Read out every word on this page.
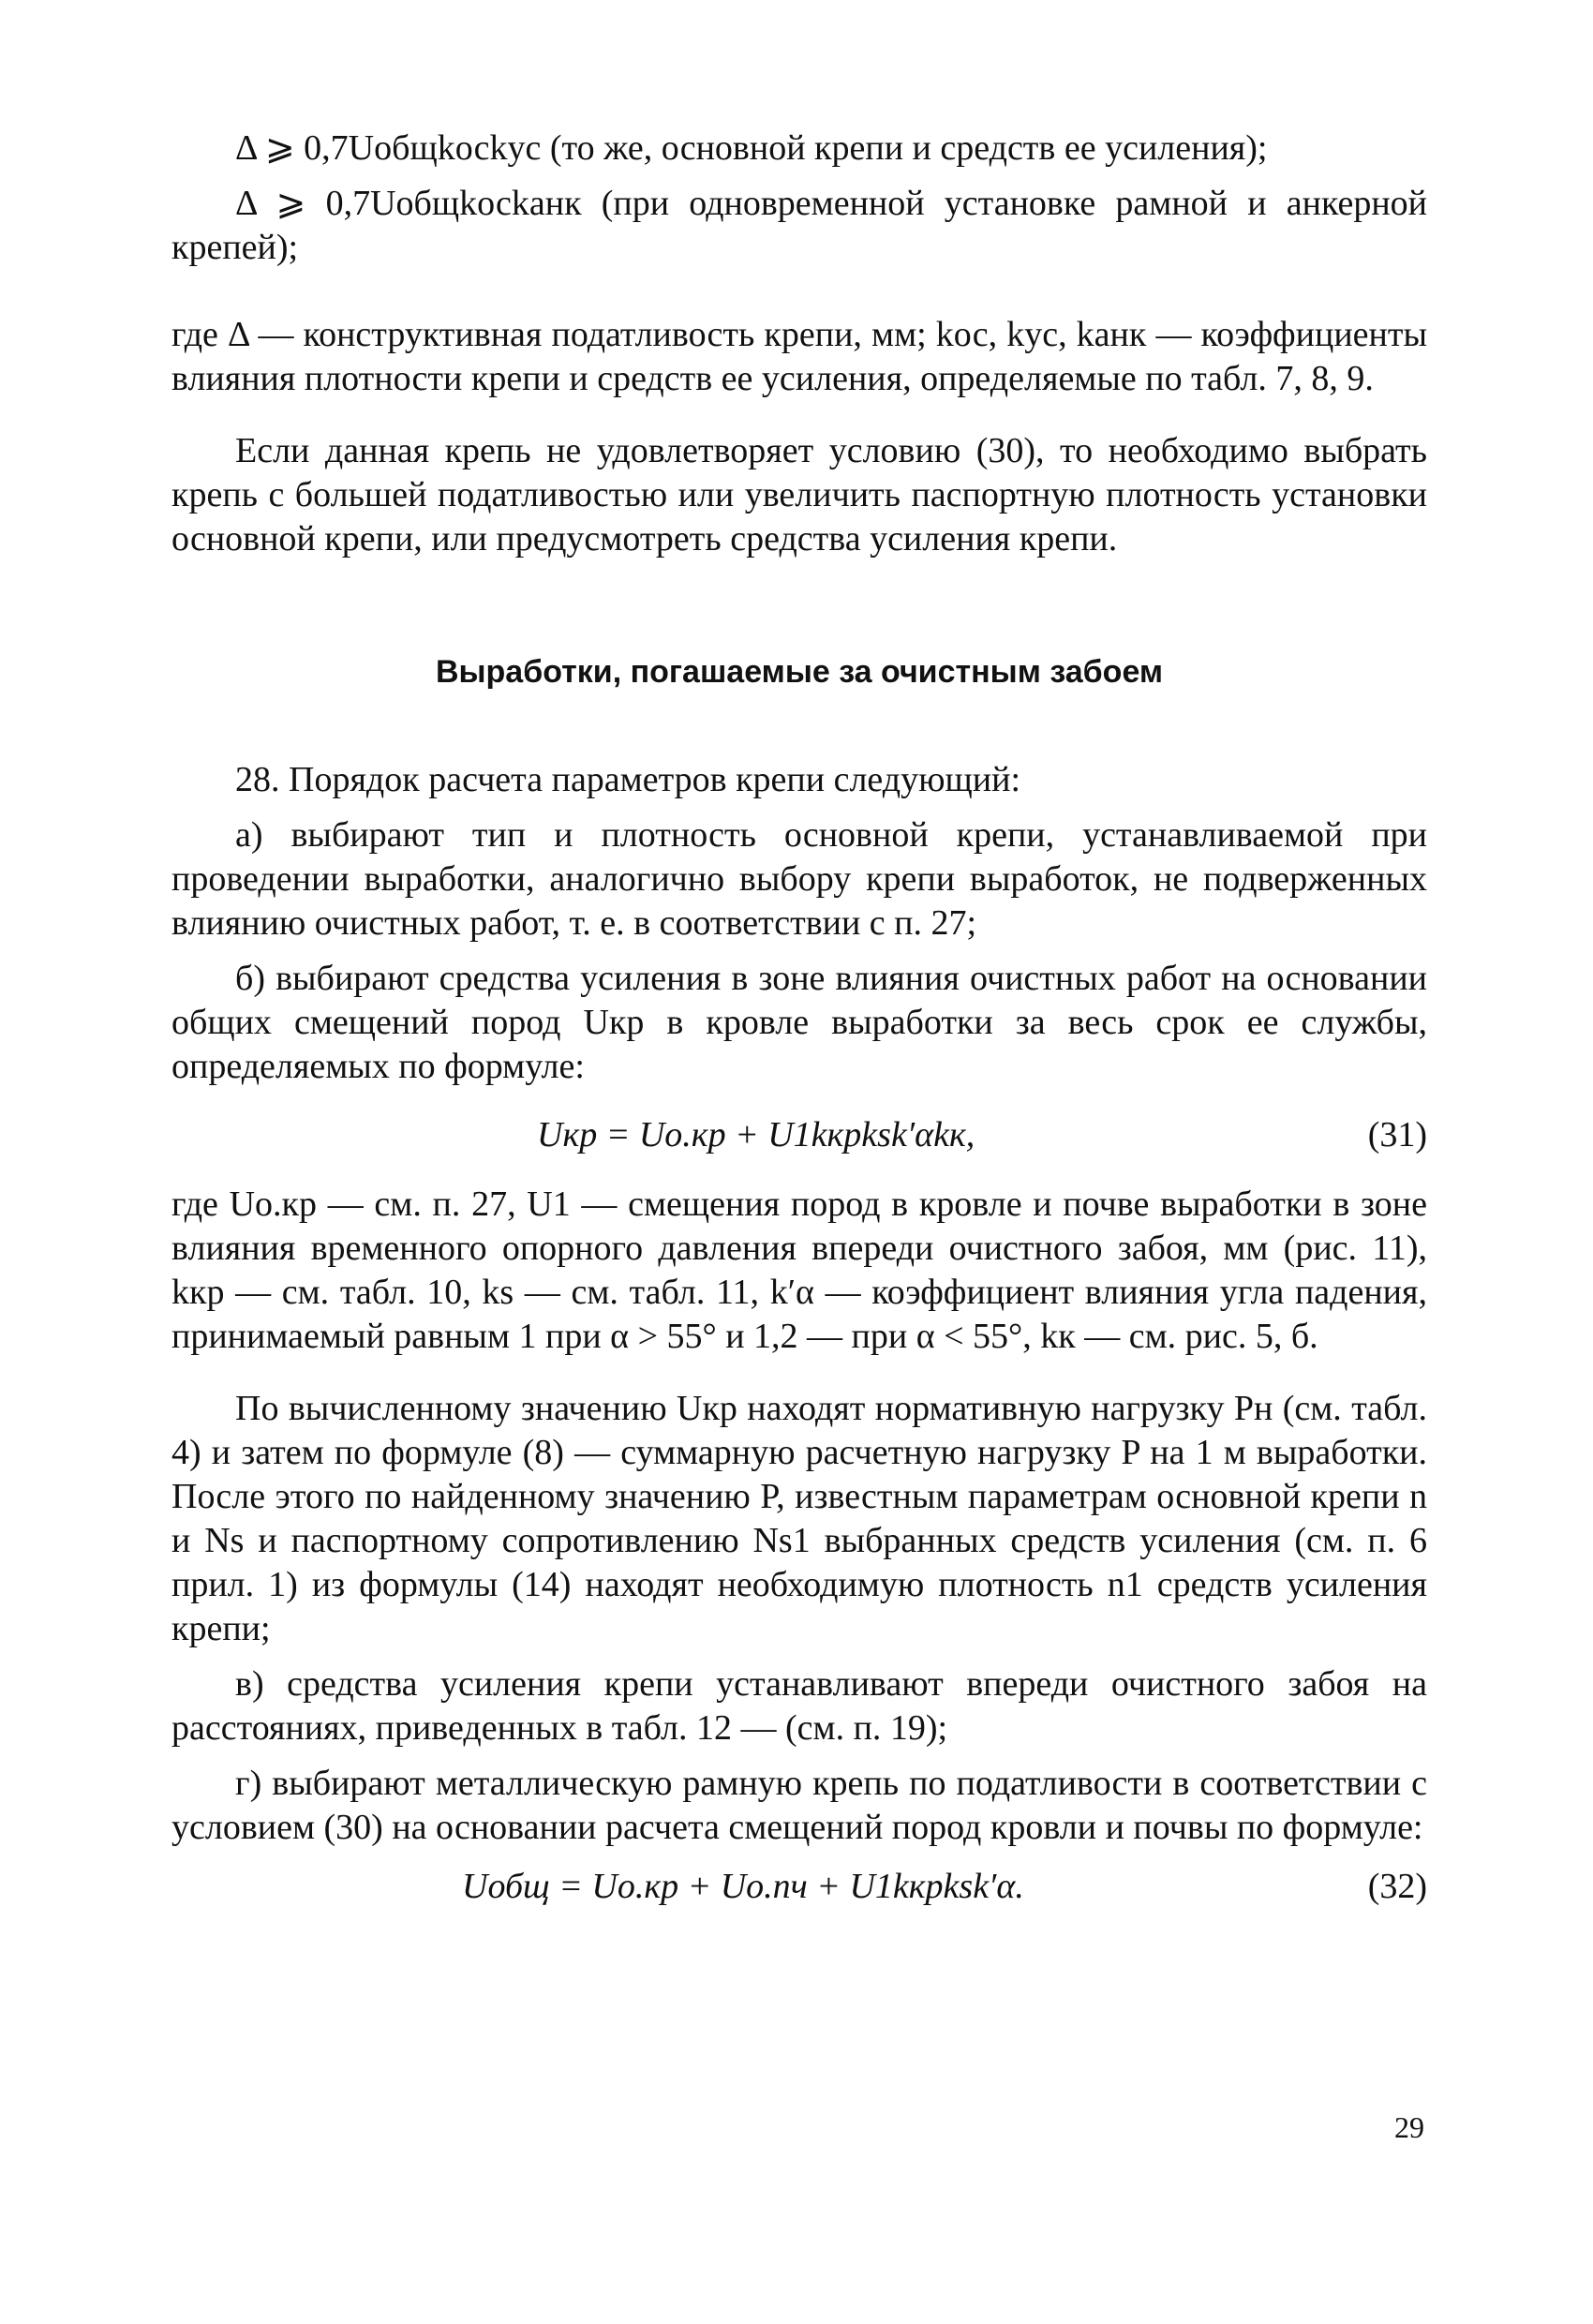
Δ ⩾ 0,7Uобщkосkус (то же, основной крепи и средств ее усиления);

Δ ⩾ 0,7Uобщkосkанк (при одновременной установке рамной и анкерной крепей);

где Δ — конструктивная податливость крепи, мм; kос, kус, kанк — коэффициенты влияния плотности крепи и средств ее усиления, определяемые по табл. 7, 8, 9.

Если данная крепь не удовлетворяет условию (30), то необходимо выбрать крепь с большей податливостью или увеличить паспортную плотность установки основной крепи, или предусмотреть средства усиления крепи.

Выработки, погашаемые за очистным забоем

28. Порядок расчета параметров крепи следующий:

а) выбирают тип и плотность основной крепи, устанавливаемой при проведении выработки, аналогично выбору крепи выработок, не подверженных влиянию очистных работ, т. е. в соответствии с п. 27;

б) выбирают средства усиления в зоне влияния очистных работ на основании общих смещений пород Uкр в кровле выработки за весь срок ее службы, определяемых по формуле:

Uкр = Uо.кр + U1kкрksk′αkк,	(31)

где Uо.кр — см. п. 27, U1 — смещения пород в кровле и почве выработки в зоне влияния временного опорного давления впереди очистного забоя, мм (рис. 11), kкр — см. табл. 10, ks — см. табл. 11, k′α — коэффициент влияния угла падения, принимаемый равным 1 при α > 55° и 1,2 — при α < 55°, kк — см. рис. 5, б.

По вычисленному значению Uкр находят нормативную нагрузку Pн (см. табл. 4) и затем по формуле (8) — суммарную расчетную нагрузку P на 1 м выработки. После этого по найденному значению P, известным параметрам основной крепи n и Ns и паспортному сопротивлению Ns1 выбранных средств усиления (см. п. 6 прил. 1) из формулы (14) находят необходимую плотность n1 средств усиления крепи;

в) средства усиления крепи устанавливают впереди очистного забоя на расстояниях, приведенных в табл. 12 — (см. п. 19);

г) выбирают металлическую рамную крепь по податливости в соответствии с условием (30) на основании расчета смещений пород кровли и почвы по формуле:

Uобщ = Uо.кр + Uо.пч + U1kкрksk′α.	(32)
29
